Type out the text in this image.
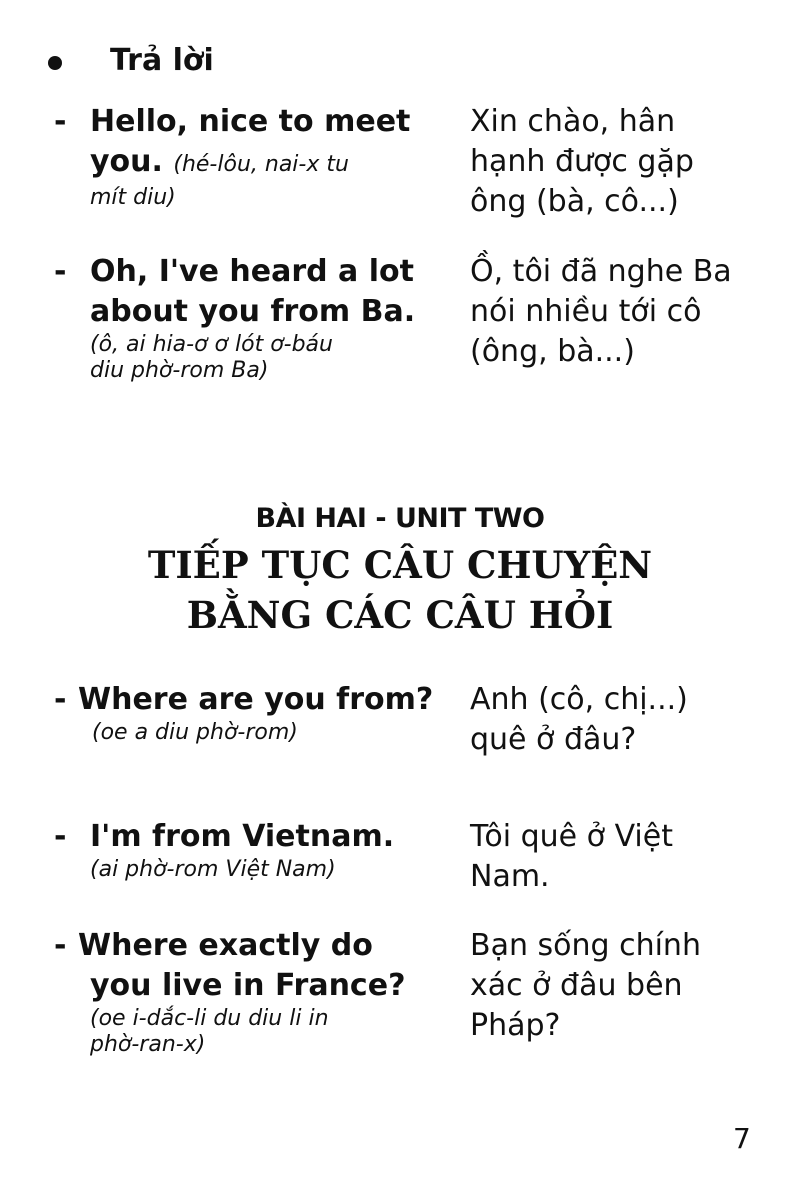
Trả lời
- Hello, nice to meet
you. (hé-lôu, nai-x tu
mít diu)
Xin chào, hân
hạnh được gặp
ông (bà, cô...)
- Oh, I've heard a lot
about you from Ba.
(ô, ai hia-ơ ơ lót ơ-báu
diu phờ-rom Ba)
Ồ, tôi đã nghe Ba
nói nhiều tới cô
(ông, bà...)
BÀI HAI - UNIT TWO
TIẾP TỤC CÂU CHUYỆN
BẰNG CÁC CÂU HỎI
- Where are you from?
(oe a diu phờ-rom)
Anh (cô, chị...)
quê ở đâu?
- I'm from Vietnam.
(ai phờ-rom Việt Nam)
Tôi quê ở Việt
Nam.
- Where exactly do
you live in France?
(oe i-dắc-li du diu li in
phờ-ran-x)
Bạn sống chính
xác ở đâu bên
Pháp?
7
